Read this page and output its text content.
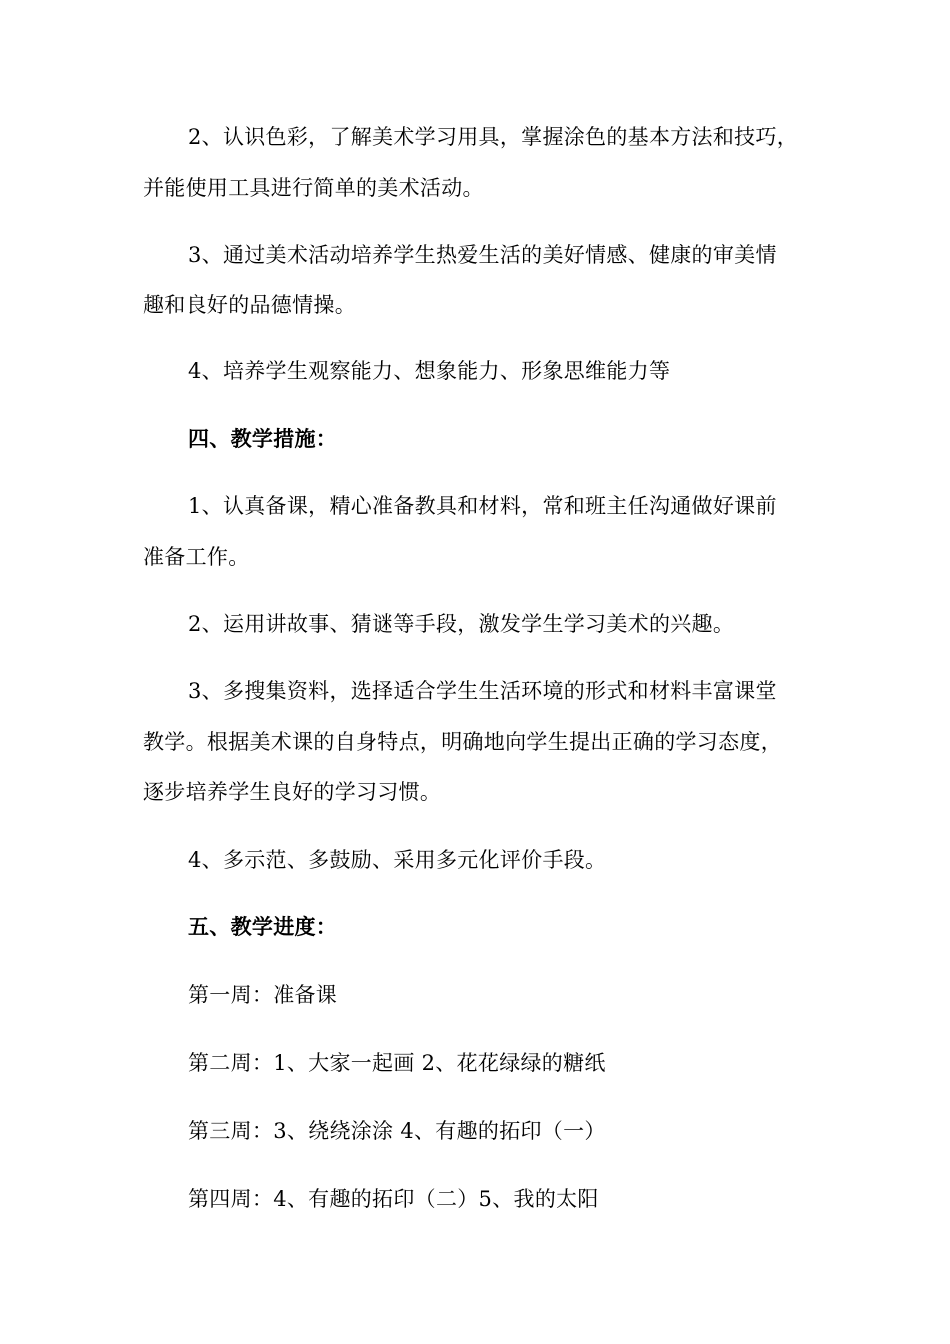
2、认识色彩，了解美术学习用具，掌握涂色的基本方法和技巧，
并能使用工具进行简单的美术活动。
3、通过美术活动培养学生热爱生活的美好情感、健康的审美情
趣和良好的品德情操。
4、培养学生观察能力、想象能力、形象思维能力等
四、教学措施：
1、认真备课，精心准备教具和材料，常和班主任沟通做好课前
准备工作。
2、运用讲故事、猜谜等手段，激发学生学习美术的兴趣。
3、多搜集资料，选择适合学生生活环境的形式和材料丰富课堂
教学。根据美术课的自身特点，明确地向学生提出正确的学习态度，
逐步培养学生良好的学习习惯。
4、多示范、多鼓励、采用多元化评价手段。
五、教学进度：
第一周：准备课
第二周：1、大家一起画 2、花花绿绿的糖纸
第三周：3、绕绕涂涂 4、有趣的拓印（一）
第四周：4、有趣的拓印（二）5、我的太阳
